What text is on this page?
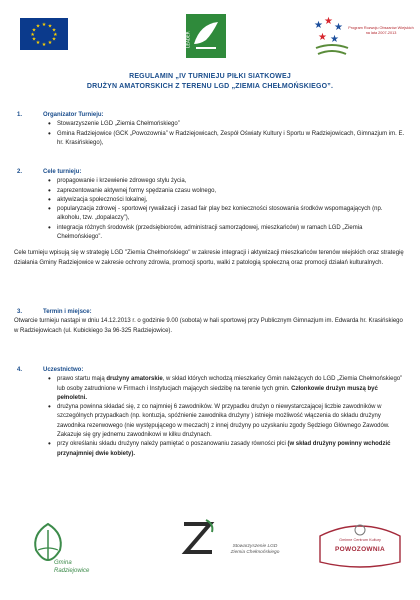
★ ★
★
★
★
★
★
★
★
★
★
★
LEADER
★ ★
★
★ ★
Program Rozwoju Obszarów Wiejskich na lata 2007-2013
REGULAMIN „IV TURNIEJU PIŁKI SIATKOWEJ
DRUŻYN AMATORSKICH Z TERENU LGD „ZIEMIA CHEŁMOŃSKIEGO”.
1.	Organizator Turnieju:
• Stowarzyszenie LGD „Ziemia Chełmońskiego”
• Gmina Radziejowice (GCK „Powozownia” w Radziejowicach, Zespół Oświaty Kultury i Sportu w Radziejowicach, Gimnazjum im. E. hr. Krasińskiego),
2.	Cele turnieju:
• propagowanie i krzewienie zdrowego stylu życia,
• zaprezentowanie aktywnej formy spędzania czasu wolnego,
• aktywizacja społeczności lokalnej,
• popularyzacja zdrowej - sportowej rywalizacji i zasad fair play bez konieczności stosowania środków wspomagających (np. alkoholu, tzw. „dopalaczy”),
• integracja różnych środowisk (przedsiębiorców, administracji samorządowej, mieszkańców) w ramach LGD „Ziemia Chełmońskiego”.
Cele turnieju wpisują się w strategię LGD "Ziemia Chełmońskiego" w zakresie integracji i aktywizacji mieszkańców terenów wiejskich oraz strategię działania Gminy Radziejowice w zakresie ochrony zdrowia, promocji sportu, walki z patologią społeczną oraz promocji działań kulturalnych.
3.	Termin i miejsce:
Otwarcie turnieju nastąpi w dniu 14.12.2013 r. o godzinie 9.00 (sobota) w hali sportowej przy Publicznym Gimnazjum im. Edwarda hr. Krasińskiego w Radziejowicach (ul. Kubickiego 3a 96-325 Radziejowice).
4.	Uczestnictwo:
• prawo startu mają drużyny amatorskie, w skład których wchodzą mieszkańcy Gmin należących do LGD „Ziemia Chełmońskiego” lub osoby zatrudnione w Firmach i Instytucjach mających siedzibę na terenie tych gmin. Członkowie drużyn muszą być pełnoletni.
• drużyna powinna składać się, z co najmniej 6 zawodników. W przypadku drużyn o niewystarczającej liczbie zawodników w szczególnych przypadkach (np. kontuzja, spóźnienie zawodnika drużyny ) istnieje możliwość włączenia do składu drużyny zawodnika rezerwowego (nie występującego w meczach) z innej drużyny po uzyskaniu zgody Sędziego Głównego Zawodów. Zakazuje się gry jednemu zawodnikowi w kilku drużynach.
• przy określaniu składu drużyny należy pamiętać o poszanowaniu zasady równości płci (w skład drużyny powinny wchodzić przynajmniej dwie kobiety).
Gmina
Radziejowice
Stowarzyszenie LGD
Ziemia Chełmońskiego
Gminne Centrum Kultury
POWOZOWNIA
